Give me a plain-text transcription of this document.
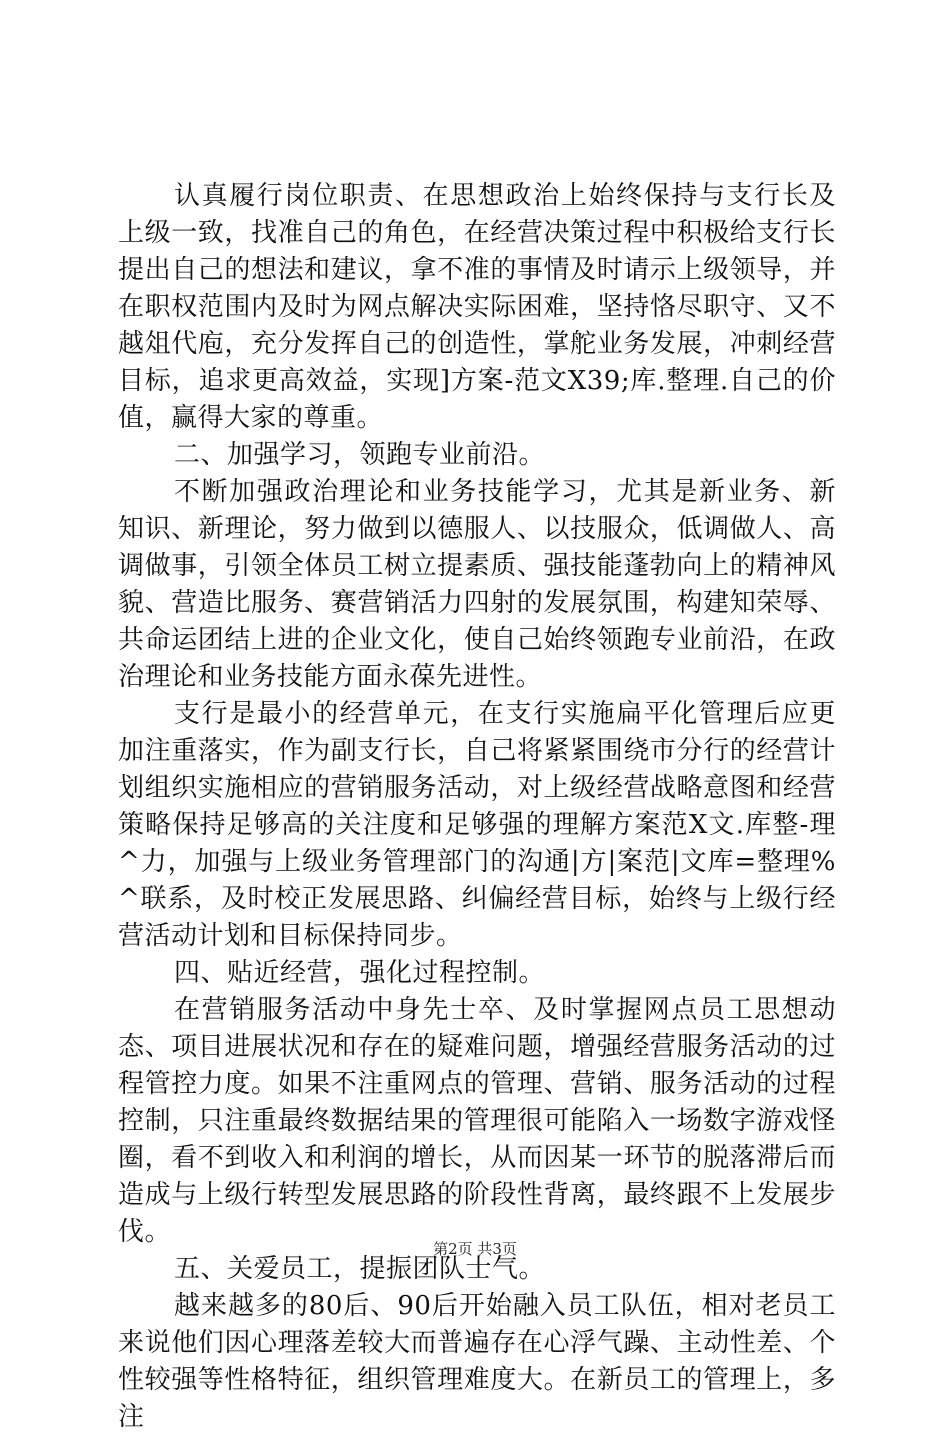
认真履行岗位职责、在思想政治上始终保持与支行长及上级一致，找准自己的角色，在经营决策过程中积极给支行长提出自己的想法和建议，拿不准的事情及时请示上级领导，并在职权范围内及时为网点解决实际困难，坚持恪尽职守、又不越俎代庖，充分发挥自己的创造性，掌舵业务发展，冲刺经营目标，追求更高效益，实现]方案-范文X39;库.整理.自己的价值，赢得大家的尊重。

二、加强学习，领跑专业前沿。

不断加强政治理论和业务技能学习，尤其是新业务、新知识、新理论，努力做到以德服人、以技服众，低调做人、高调做事，引领全体员工树立提素质、强技能蓬勃向上的精神风貌、营造比服务、赛营销活力四射的发展氛围，构建知荣辱、共命运团结上进的企业文化，使自己始终领跑专业前沿，在政治理论和业务技能方面永葆先进性。

支行是最小的经营单元，在支行实施扁平化管理后应更加注重落实，作为副支行长，自己将紧紧围绕市分行的经营计划组织实施相应的营销服务活动，对上级经营战略意图和经营策略保持足够高的关注度和足够强的理解方案范X文.库整-理^力，加强与上级业务管理部门的沟通|方|案范|文库=整理%^联系，及时校正发展思路、纠偏经营目标，始终与上级行经营活动计划和目标保持同步。

四、贴近经营，强化过程控制。

在营销服务活动中身先士卒、及时掌握网点员工思想动态、项目进展状况和存在的疑难问题，增强经营服务活动的过程管控力度。如果不注重网点的管理、营销、服务活动的过程控制，只注重最终数据结果的管理很可能陷入一场数字游戏怪圈，看不到收入和利润的增长，从而因某一环节的脱落滞后而造成与上级行转型发展思路的阶段性背离，最终跟不上发展步伐。

五、关爱员工，提振团队士气。

越来越多的80后、90后开始融入员工队伍，相对老员工来说他们因心理落差较大而普遍存在心浮气躁、主动性差、个性较强等性格特征，组织管理难度大。在新员工的管理上，多注

第2页 共3页
